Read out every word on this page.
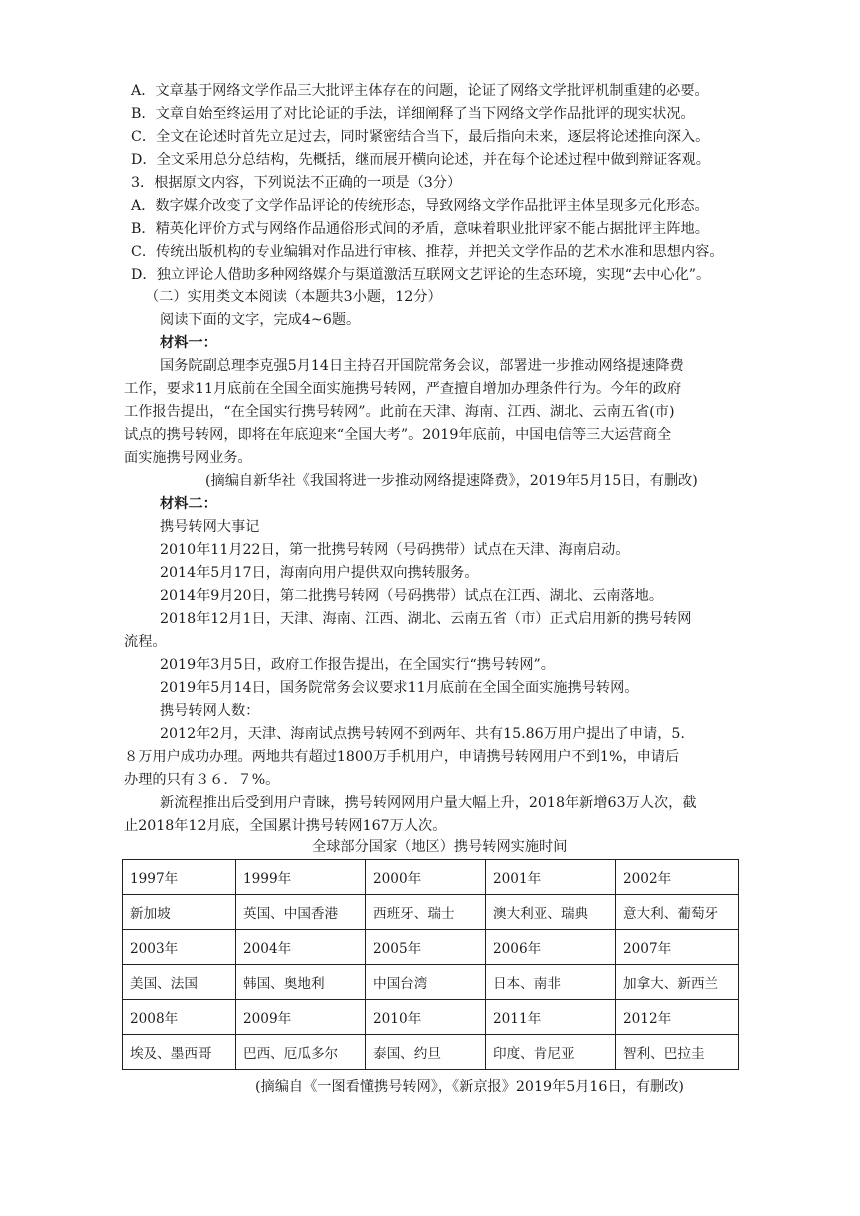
A．文章基于网络文学作品三大批评主体存在的问题，论证了网络文学批评机制重建的必要。
B．文章自始至终运用了对比论证的手法，详细阐释了当下网络文学作品批评的现实状况。
C．全文在论述时首先立足过去，同时紧密结合当下，最后指向未来，逐层将论述推向深入。
D．全文采用总分总结构，先概括，继而展开横向论述，并在每个论述过程中做到辩证客观。
3．根据原文内容，下列说法不正确的一项是（3分）
A．数字媒介改变了文学作品评论的传统形态，导致网络文学作品批评主体呈现多元化形态。
B．精英化评价方式与网络作品通俗形式间的矛盾，意味着职业批评家不能占据批评主阵地。
C．传统出版机构的专业编辑对作品进行审核、推荐，并把关文学作品的艺术水准和思想内容。
D．独立评论人借助多种网络媒介与渠道激活互联网文艺评论的生态环境，实现“去中心化”。
（二）实用类文本阅读（本题共3小题，12分）
阅读下面的文字，完成4~6题。
材料一：
国务院副总理李克强5月14日主持召开国院常务会议，部署进一步推动网络提速降费
工作，要求11月底前在全国全面实施携号转网，严查擅自增加办理条件行为。今年的政府
工作报告提出，“在全国实行携号转网”。此前在天津、海南、江西、湖北、云南五省(市)
试点的携号转网，即将在年底迎来“全国大考”。2019年底前，中国电信等三大运营商全
面实施携号网业务。
(摘编自新华社《我国将进一步推动网络提速降费》，2019年5月15日，有删改)
材料二：
携号转网大事记
2010年11月22日，第一批携号转网（号码携带）试点在天津、海南启动。
2014年5月17日，海南向用户提供双向携转服务。
2014年9月20日，第二批携号转网（号码携带）试点在江西、湖北、云南落地。
2018年12月1日，天津、海南、江西、湖北、云南五省（市）正式启用新的携号转网
流程。
2019年3月5日，政府工作报告提出，在全国实行“携号转网”。
2019年5月14日，国务院常务会议要求11月底前在全国全面实施携号转网。
携号转网人数：
2012年2月，天津、海南试点携号转网不到两年、共有15.86万用户提出了申请，5.
８万用户成功办理。两地共有超过1800万手机用户，申请携号转网用户不到1%，申请后
办理的只有３６．７%。
新流程推出后受到用户青睐，携号转网网用户量大幅上升，2018年新增63万人次，截
全球部分国家（地区）携号转网实施时间
1997年	1999年	2000年	2001年	2002年
新加坡	英国、中国香港	西班牙、瑞士	澳大利亚、瑞典	意大利、葡萄牙
2003年	2004年	2005年	2006年	2007年
美国、法国	韩国、奥地利	中国台湾	日本、南非	加拿大、新西兰
2008年	2009年	2010年	2011年	2012年
埃及、墨西哥	巴西、厄瓜多尔	泰国、约旦	印度、肯尼亚	智利、巴拉圭
(摘编自《一图看懂携号转网》，《新京报》2019年5月16日，有删改)
止2018年12月底，全国累计携号转网167万人次。
